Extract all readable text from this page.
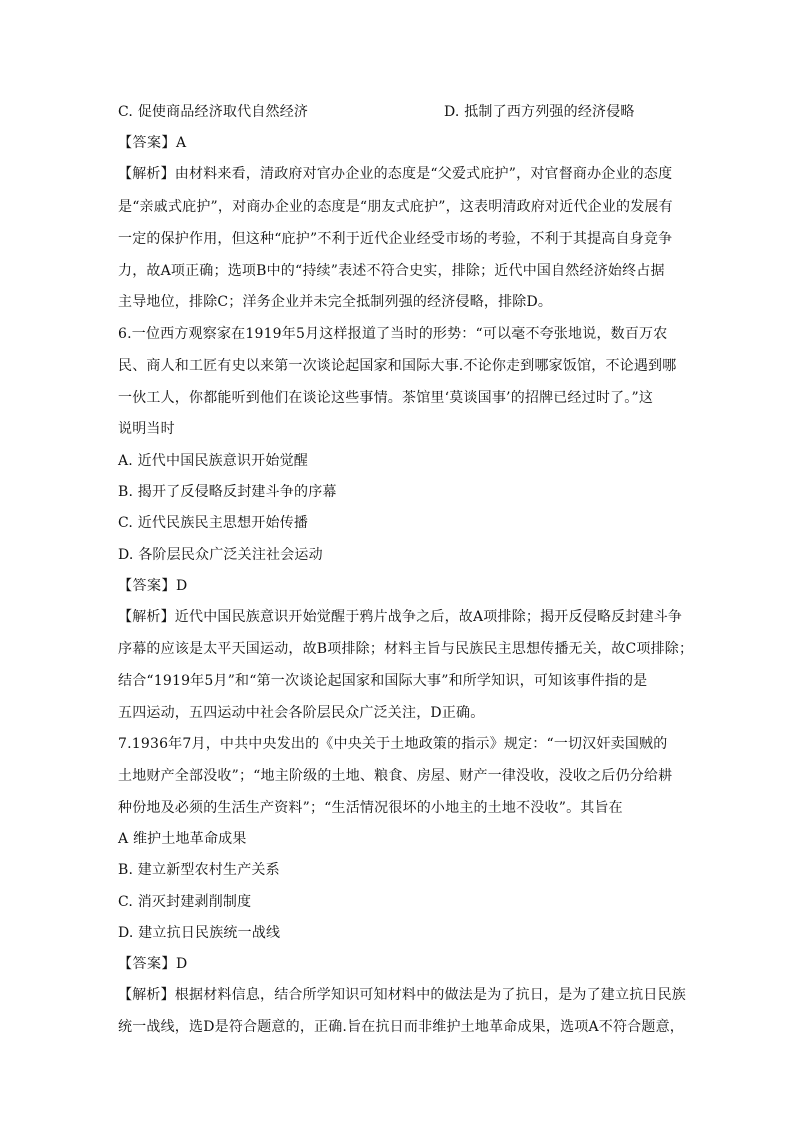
C. 促使商品经济取代自然经济	D. 抵制了西方列强的经济侵略
【答案】A
【解析】由材料来看，清政府对官办企业的态度是“父爱式庇护”，对官督商办企业的态度
是“亲戚式庇护”，对商办企业的态度是“朋友式庇护”，这表明清政府对近代企业的发展有
一定的保护作用，但这种“庇护”不利于近代企业经受市场的考验，不利于其提高自身竞争
力，故A项正确；选项B中的“持续”表述不符合史实，排除；近代中国自然经济始终占据
主导地位，排除C；洋务企业并未完全抵制列强的经济侵略，排除D。
6.一位西方观察家在1919年5月这样报道了当时的形势：“可以毫不夸张地说，数百万农
民、商人和工匠有史以来第一次谈论起国家和国际大事.不论你走到哪家饭馆，不论遇到哪
一伙工人，你都能听到他们在谈论这些事情。茶馆里‘莫谈国事’的招牌已经过时了。”这
说明当时
A. 近代中国民族意识开始觉醒
B. 揭开了反侵略反封建斗争的序幕
C. 近代民族民主思想开始传播
D. 各阶层民众广泛关注社会运动
【答案】D
【解析】近代中国民族意识开始觉醒于鸦片战争之后，故A项排除；揭开反侵略反封建斗争
序幕的应该是太平天国运动，故B项排除；材料主旨与民族民主思想传播无关，故C项排除；
结合“1919年5月”和“第一次谈论起国家和国际大事”和所学知识，可知该事件指的是
五四运动，五四运动中社会各阶层民众广泛关注，D正确。
7.1936年7月，中共中央发出的《中央关于土地政策的指示》规定：“一切汉奸卖国贼的
土地财产全部没收”；“地主阶级的土地、粮食、房屋、财产一律没收，没收之后仍分给耕
种份地及必须的生活生产资料”；“生活情况很坏的小地主的土地不没收”。其旨在
A 维护土地革命成果
B. 建立新型农村生产关系
C. 消灭封建剥削制度
D. 建立抗日民族统一战线
【答案】D
【解析】根据材料信息，结合所学知识可知材料中的做法是为了抗日，是为了建立抗日民族
统一战线，选D是符合题意的，正确.旨在抗日而非维护土地革命成果，选项A不符合题意，
